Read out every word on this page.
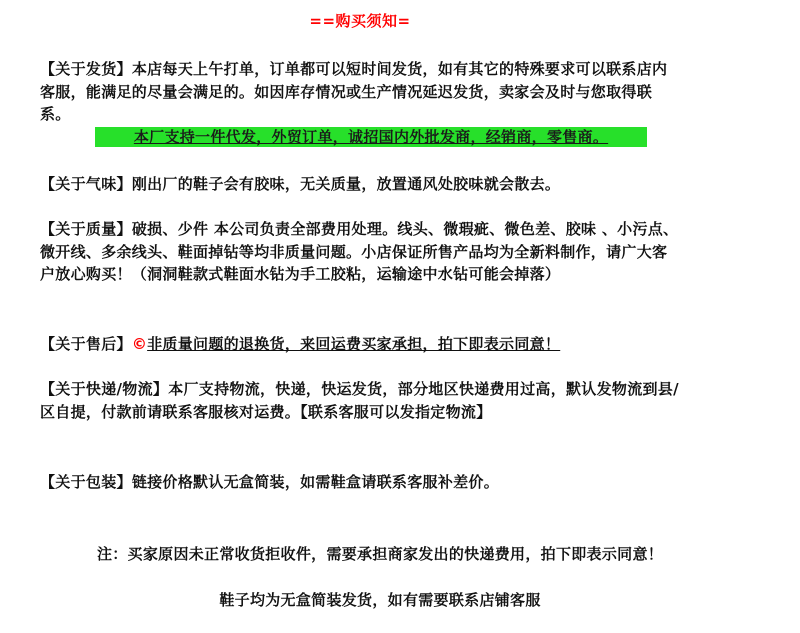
==购买须知=
【关于发货】本店每天上午打单，订单都可以短时间发货，如有其它的特殊要求可以联系店内客服，能满足的尽量会满足的。如因库存情况或生产情况延迟发货，卖家会及时与您取得联系。
本厂支持一件代发，外贸订单，诚招国内外批发商，经销商，零售商。
【关于气味】刚出厂的鞋子会有胶味，无关质量，放置通风处胶味就会散去。
【关于质量】破损、少件 本公司负责全部费用处理。线头、微瑕疵、微色差、胶味 、小污点、微开线、多余线头、鞋面掉钻等均非质量问题。小店保证所售产品均为全新料制作，请广大客户放心购买！（洞洞鞋款式鞋面水钻为手工胶粘，运输途中水钻可能会掉落）
【关于售后】©非质量问题的退换货，来回运费买家承担，拍下即表示同意！
【关于快递/物流】本厂支持物流，快递，快运发货，部分地区快递费用过高，默认发物流到县/区自提，付款前请联系客服核对运费。【联系客服可以发指定物流】
【关于包装】链接价格默认无盒简装，如需鞋盒请联系客服补差价。
注：买家原因未正常收货拒收件，需要承担商家发出的快递费用，拍下即表示同意！
鞋子均为无盒简装发货，如有需要联系店铺客服
